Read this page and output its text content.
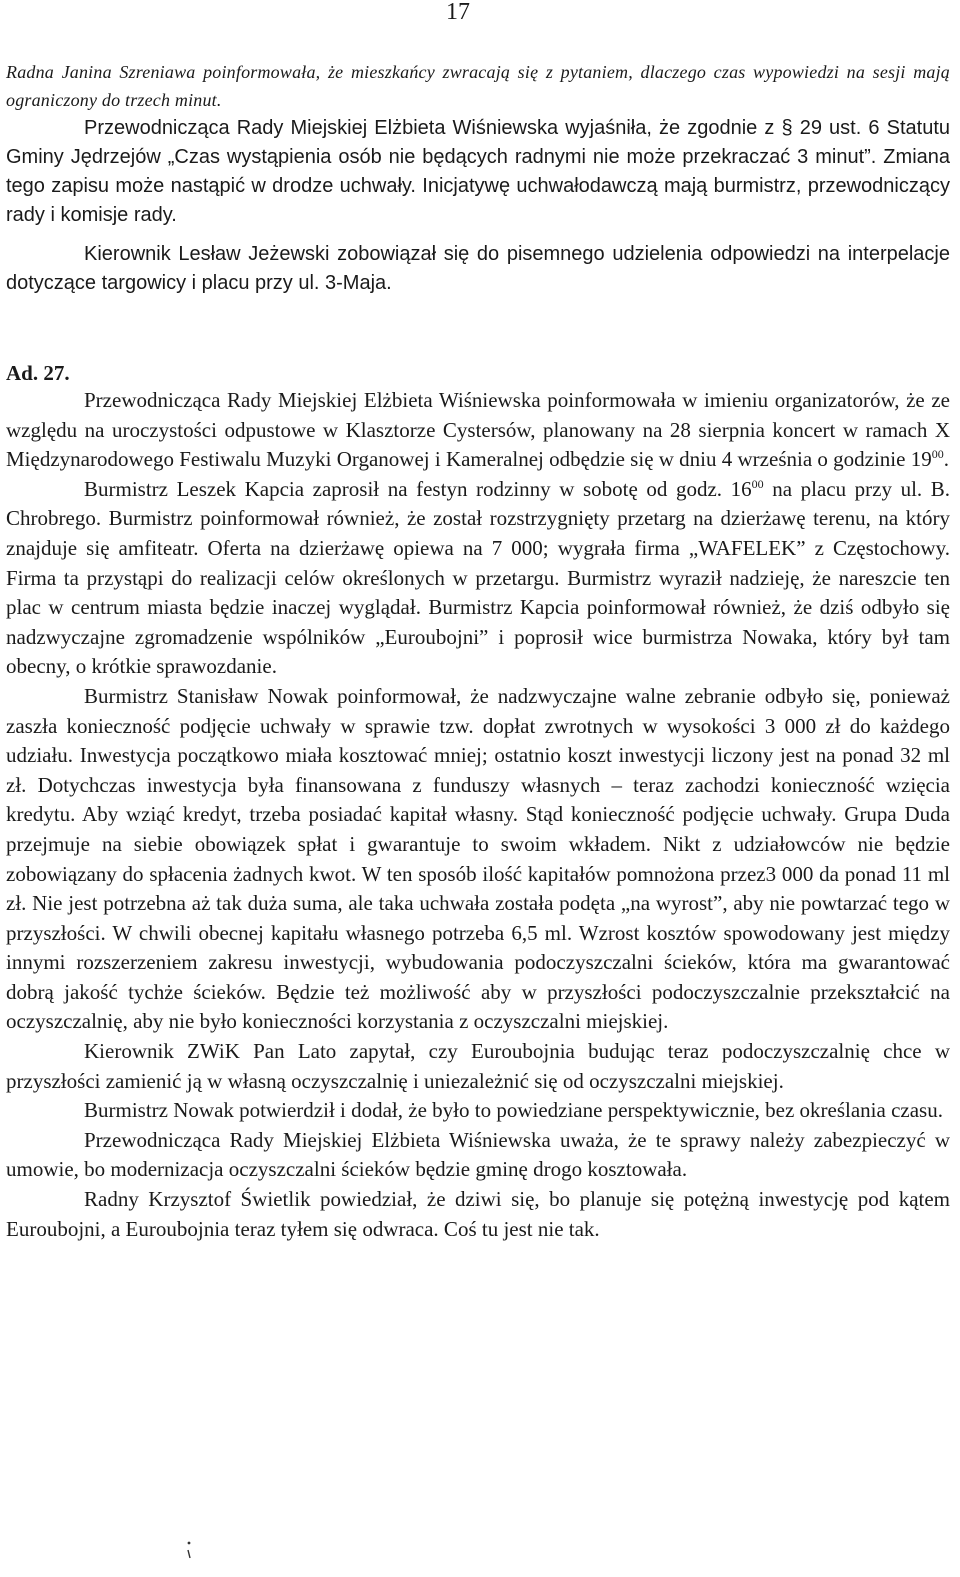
17

Radna Janina Szreniawa poinformowała, że mieszkańcy zwracają się z pytaniem, dlaczego czas wypowiedzi na sesji mają ograniczony do trzech minut.

Przewodnicząca Rady Miejskiej Elżbieta Wiśniewska wyjaśniła, że zgodnie z § 29 ust. 6 Statutu Gminy Jędrzejów „Czas wystąpienia osób nie będących radnymi nie może przekraczać 3 minut”. Zmiana tego zapisu może nastąpić w drodze uchwały. Inicjatywę uchwałodawczą mają burmistrz, przewodniczący rady i komisje rady.

Kierownik Lesław Jeżewski zobowiązał się do pisemnego udzielenia odpowiedzi na interpelacje dotyczące targowicy i placu przy ul. 3-Maja.

Ad. 27.

Przewodnicząca Rady Miejskiej Elżbieta Wiśniewska poinformowała w imieniu organizatorów, że ze względu na uroczystości odpustowe w Klasztorze Cystersów, planowany na 28 sierpnia koncert w ramach X Międzynarodowego Festiwalu Muzyki Organowej i Kameralnej odbędzie się w dniu 4 września o godzinie $19^{00}$.

Burmistrz Leszek Kapcia zaprosił na festyn rodzinny w sobotę od godz. $16^{00}$ na placu przy ul. B. Chrobrego. Burmistrz poinformował również, że został rozstrzygnięty przetarg na dzierżawę terenu, na który znajduje się amfiteatr. Oferta na dzierżawę opiewa na 7 000; wygrała firma „WAFELEK” z Częstochowy. Firma ta przystąpi do realizacji celów określonych w przetargu. Burmistrz wyraził nadzieję, że nareszcie ten plac w centrum miasta będzie inaczej wyglądał. Burmistrz Kapcia poinformował również, że dziś odbyło się nadzwyczajne zgromadzenie wspólników „Euroubojni” i poprosił wice burmistrza Nowaka, który był tam obecny, o krótkie sprawozdanie.

Burmistrz Stanisław Nowak poinformował, że nadzwyczajne walne zebranie odbyło się, ponieważ zaszła konieczność podjęcie uchwały w sprawie tzw. dopłat zwrotnych w wysokości 3 000 zł do każdego udziału. Inwestycja początkowo miała kosztować mniej; ostatnio koszt inwestycji liczony jest na ponad 32 ml zł. Dotychczas inwestycja była finansowana z funduszy własnych – teraz zachodzi konieczność wzięcia kredytu. Aby wziąć kredyt, trzeba posiadać kapitał własny. Stąd konieczność podjęcie uchwały. Grupa Duda przejmuje na siebie obowiązek spłat i gwarantuje to swoim wkładem. Nikt z udziałowców nie będzie zobowiązany do spłacenia żadnych kwot. W ten sposób ilość kapitałów pomnożona przez3 000 da ponad 11 ml zł. Nie jest potrzebna aż tak duża suma, ale taka uchwała została podęta „na wyrost”, aby nie powtarzać tego w przyszłości. W chwili obecnej kapitału własnego potrzeba 6,5 ml. Wzrost kosztów spowodowany jest między innymi rozszerzeniem zakresu inwestycji, wybudowania podoczyszczalni ścieków, która ma gwarantować dobrą jakość tychże ścieków. Będzie też możliwość aby w przyszłości podoczyszczalnie przekształcić na oczyszczalnię, aby nie było konieczności korzystania z oczyszczalni miejskiej.

Kierownik ZWiK Pan Lato zapytał, czy Euroubojnia budując teraz podoczyszczalnię chce w przyszłości zamienić ją w własną oczyszczalnię i uniezależnić się od oczyszczalni miejskiej.

Burmistrz Nowak potwierdził i dodał, że było to powiedziane perspektywicznie, bez określania czasu.

Przewodnicząca Rady Miejskiej Elżbieta Wiśniewska uważa, że te sprawy należy zabezpieczyć w umowie, bo modernizacja oczyszczalni ścieków będzie gminę drogo kosztowała.

Radny Krzysztof Świetlik powiedział, że dziwi się, bo planuje się potężną inwestycję pod kątem Euroubojni, a Euroubojnia teraz tyłem się odwraca. Coś tu jest nie tak.
